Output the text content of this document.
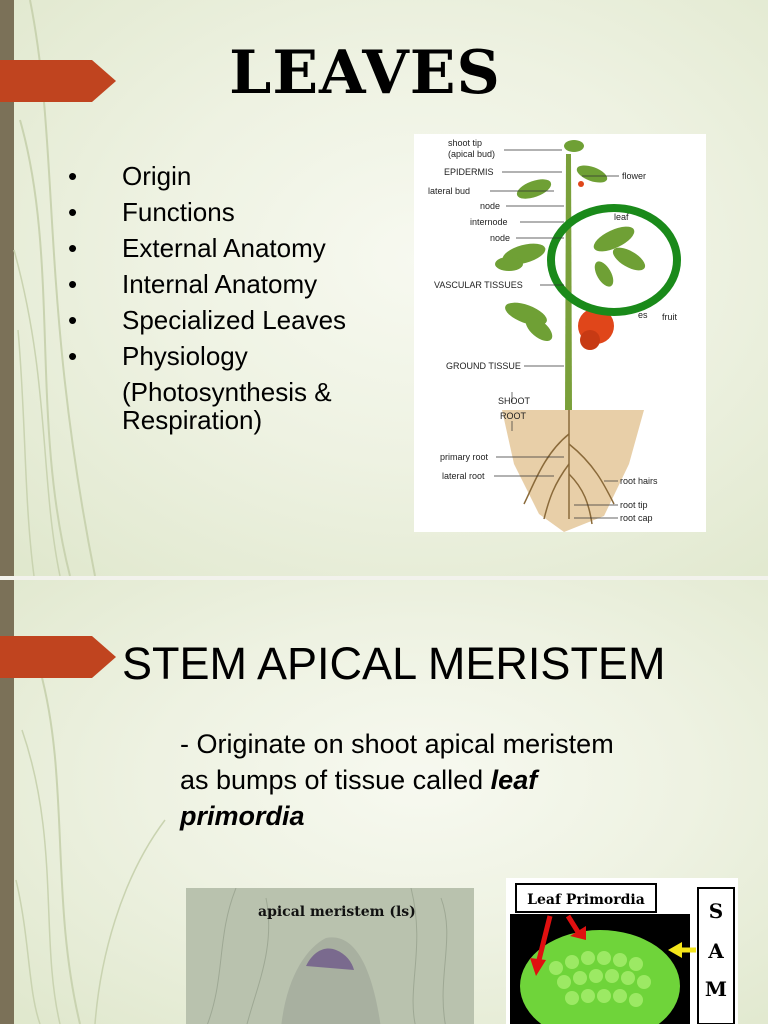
LEAVES
• Origin
• Functions
• External Anatomy
• Internal Anatomy
• Specialized Leaves
• Physiology
(Photosynthesis &
Respiration)
shoot tip
(apical bud)
EPIDERMIS
lateral bud
node
internode
node
VASCULAR TISSUES
GROUND TISSUE
SHOOT
ROOT
primary root
lateral root
flower
leaf
es fruit
root hairs
root tip
root cap
STEM APICAL MERISTEM
- Originate on shoot apical meristem as bumps of tissue called leaf primordia
apical meristem (ls)
Leaf Primordia	S
A
M
